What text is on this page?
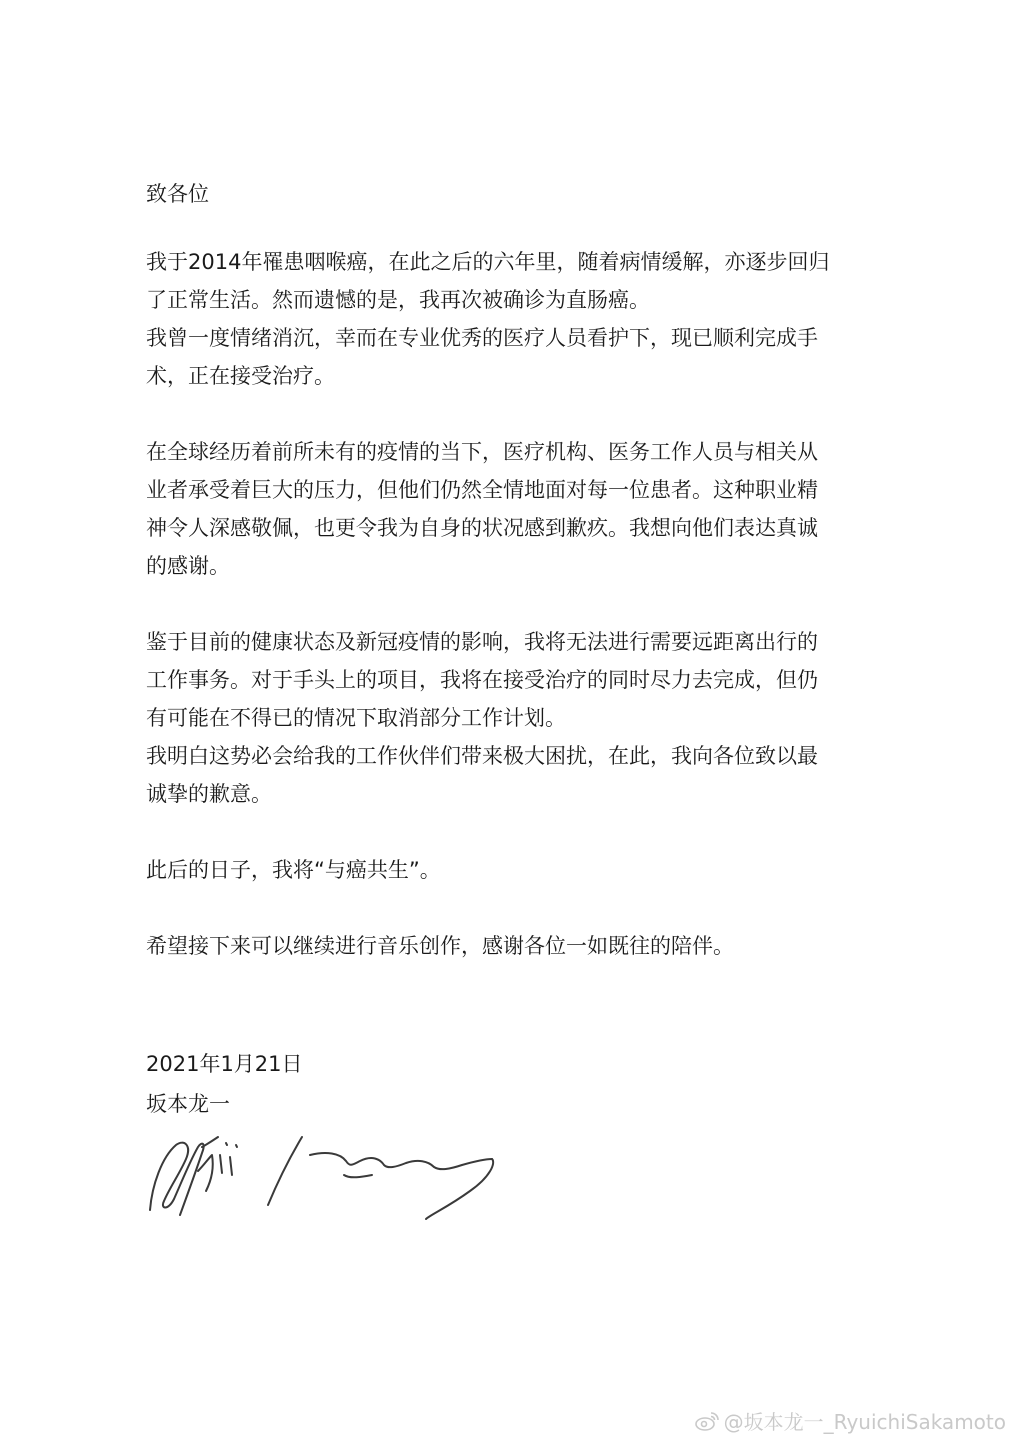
致各位

我于2014年罹患咽喉癌，在此之后的六年里，随着病情缓解，亦逐步回归
了正常生活。然而遗憾的是，我再次被确诊为直肠癌。
我曾一度情绪消沉，幸而在专业优秀的医疗人员看护下，现已顺利完成手
术，正在接受治疗。

在全球经历着前所未有的疫情的当下，医疗机构、医务工作人员与相关从
业者承受着巨大的压力，但他们仍然全情地面对每一位患者。这种职业精
神令人深感敬佩，也更令我为自身的状况感到歉疚。我想向他们表达真诚
的感谢。

鉴于目前的健康状态及新冠疫情的影响，我将无法进行需要远距离出行的
工作事务。对于手头上的项目，我将在接受治疗的同时尽力去完成，但仍
有可能在不得已的情况下取消部分工作计划。
我明白这势必会给我的工作伙伴们带来极大困扰，在此，我向各位致以最
诚挚的歉意。

此后的日子，我将“与癌共生”。

希望接下来可以继续进行音乐创作，感谢各位一如既往的陪伴。

2021年1月21日
坂本龙一
@坂本龙一_RyuichiSakamoto
